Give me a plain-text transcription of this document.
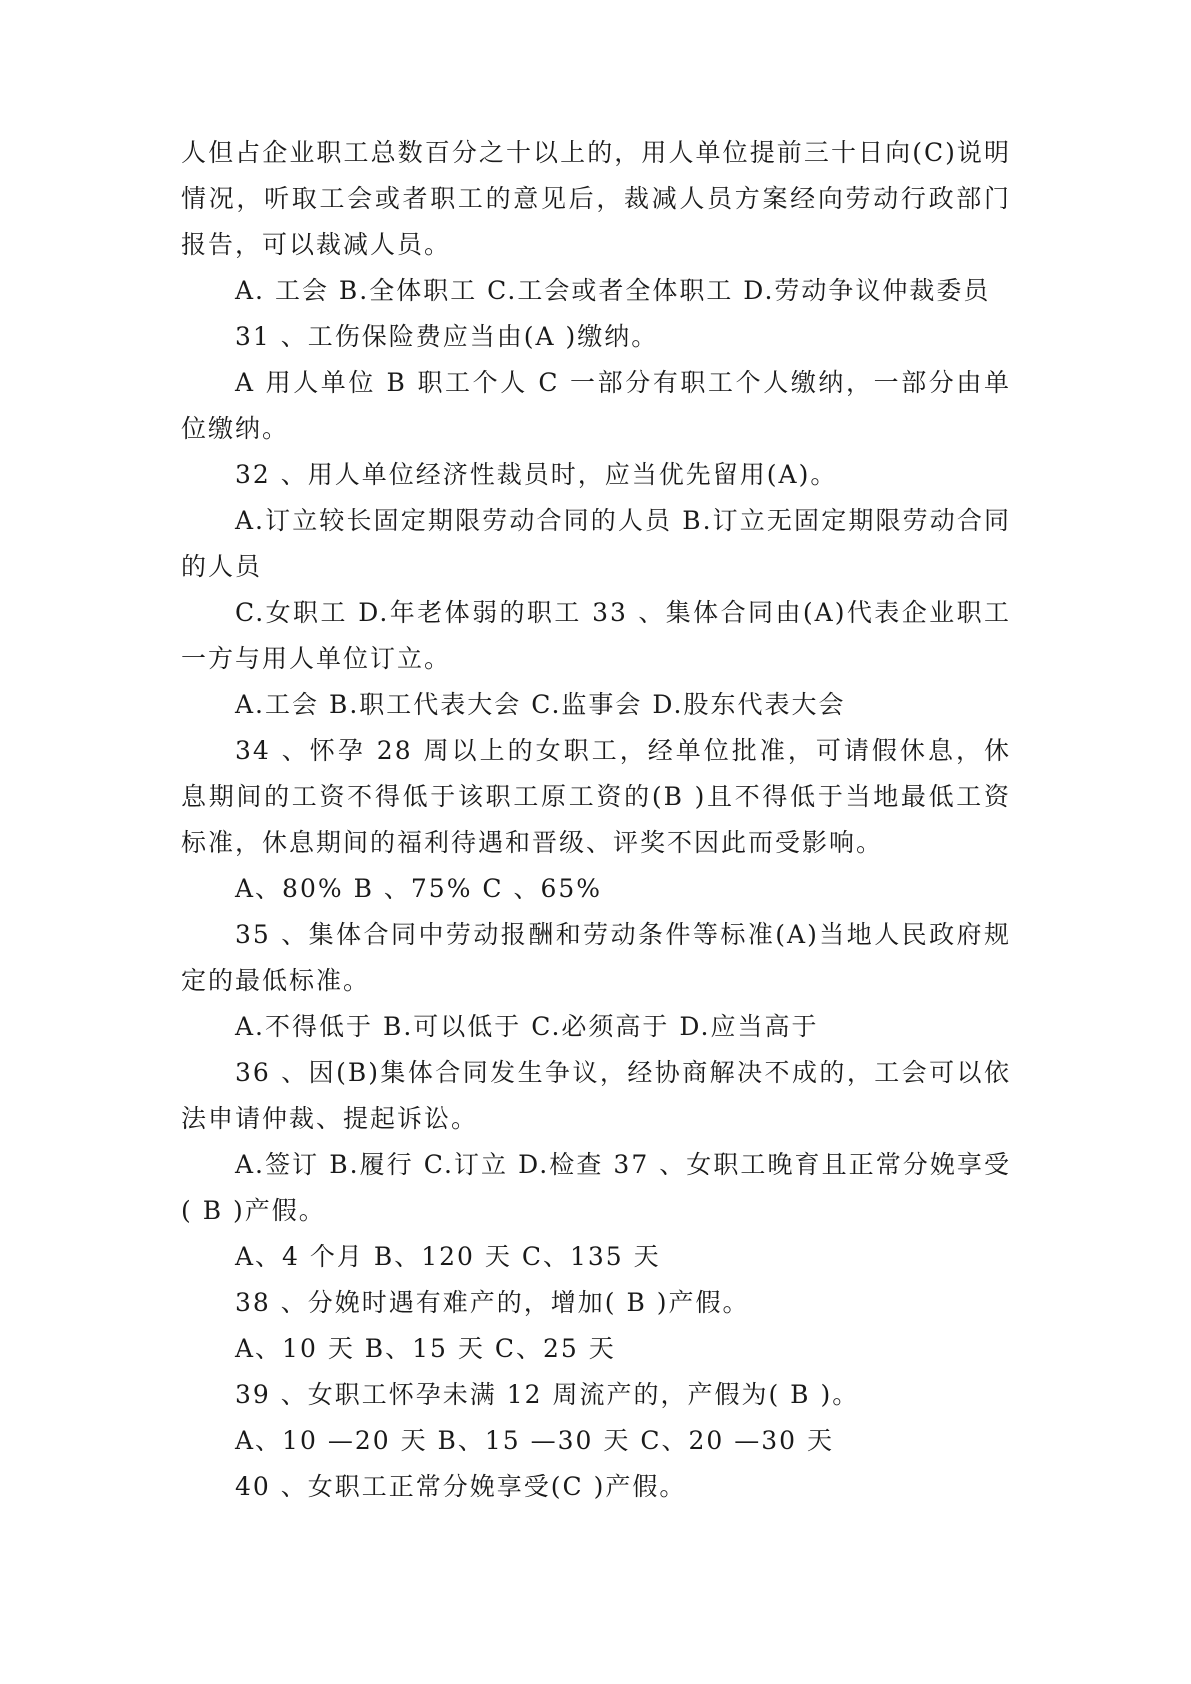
人但占企业职工总数百分之十以上的，用人单位提前三十日向(C)说明情况，听取工会或者职工的意见后，裁减人员方案经向劳动行政部门报告，可以裁减人员。

A. 工会 B.全体职工 C.工会或者全体职工 D.劳动争议仲裁委员

31 、工伤保险费应当由(A )缴纳。

A 用人单位 B 职工个人 C 一部分有职工个人缴纳，一部分由单位缴纳。

32 、用人单位经济性裁员时，应当优先留用(A)。

A.订立较长固定期限劳动合同的人员 B.订立无固定期限劳动合同的人员

C.女职工 D.年老体弱的职工 33 、集体合同由(A)代表企业职工一方与用人单位订立。

A.工会 B.职工代表大会 C.监事会 D.股东代表大会

34 、怀孕 28 周以上的女职工，经单位批准，可请假休息，休息期间的工资不得低于该职工原工资的(B )且不得低于当地最低工资标准，休息期间的福利待遇和晋级、评奖不因此而受影响。

A、80% B 、75% C 、65%

35 、集体合同中劳动报酬和劳动条件等标准(A)当地人民政府规定的最低标准。

A.不得低于 B.可以低于 C.必须高于 D.应当高于

36 、因(B)集体合同发生争议，经协商解决不成的，工会可以依法申请仲裁、提起诉讼。

A.签订 B.履行 C.订立 D.检查 37 、女职工晚育且正常分娩享受( B )产假。

A、4 个月 B、120 天 C、135 天

38 、分娩时遇有难产的，增加( B )产假。

A、10 天 B、15 天 C、25 天

39 、女职工怀孕未满 12 周流产的，产假为( B )。

A、10 —20 天 B、15 —30 天 C、20 —30 天

40 、女职工正常分娩享受(C )产假。
